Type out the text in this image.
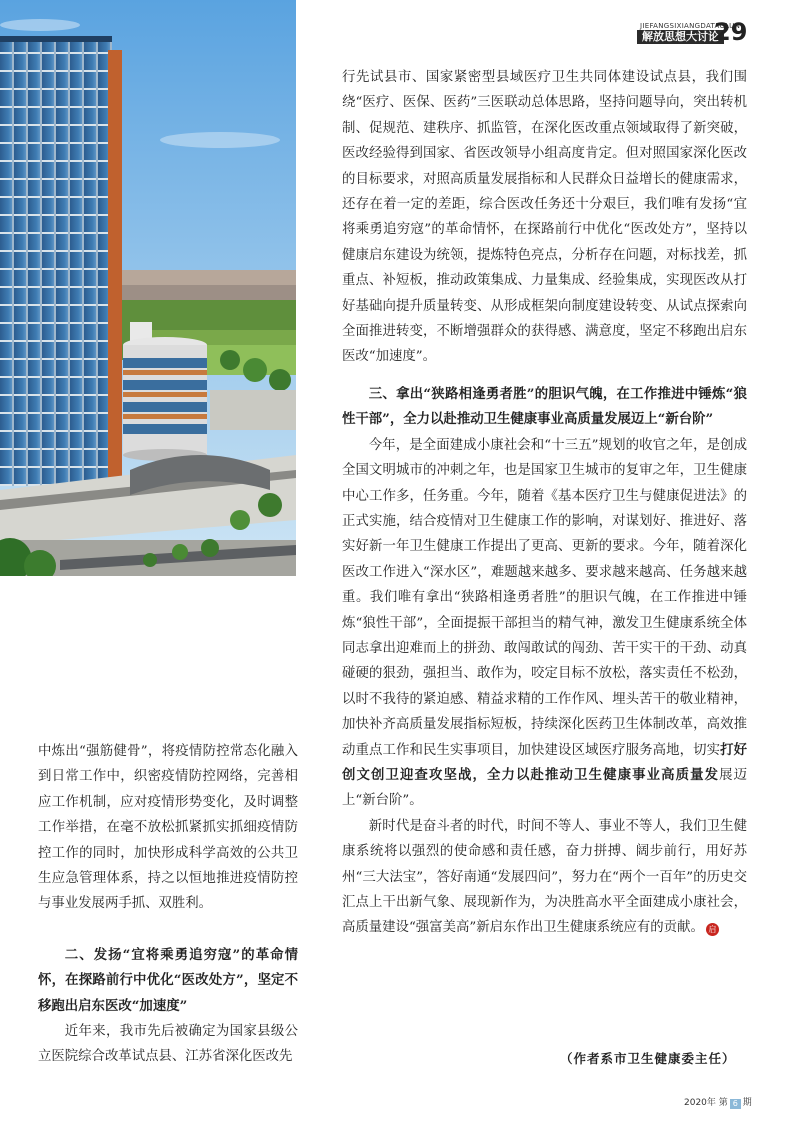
JIEFANGSIXIANGDATAOLUN
解放思想大讨论
29

行先试县市、国家紧密型县域医疗卫生共同体建设试点县，我们围绕“医疗、医保、医药”三医联动总体思路，坚持问题导向，突出转机制、促规范、建秩序、抓监管，在深化医改重点领域取得了新突破，医改经验得到国家、省医改领导小组高度肯定。但对照国家深化医改的目标要求，对照高质量发展指标和人民群众日益增长的健康需求，还存在着一定的差距，综合医改任务还十分艰巨，我们唯有发扬“宜将乘勇追穷寇”的革命情怀，在探路前行中优化“医改处方”，坚持以健康启东建设为统领，提炼特色亮点，分析存在问题，对标找差，抓重点、补短板，推动政策集成、力量集成、经验集成，实现医改从打好基础向提升质量转变、从形成框架向制度建设转变、从试点探索向全面推进转变，不断增强群众的获得感、满意度，坚定不移跑出启东医改“加速度”。

三、拿出“狭路相逢勇者胜”的胆识气魄，在工作推进中锤炼“狼性干部”，全力以赴推动卫生健康事业高质量发展迈上“新台阶”

今年，是全面建成小康社会和“十三五”规划的收官之年，是创成全国文明城市的冲刺之年，也是国家卫生城市的复审之年，卫生健康中心工作多，任务重。今年，随着《基本医疗卫生与健康促进法》的正式实施，结合疫情对卫生健康工作的影响，对谋划好、推进好、落实好新一年卫生健康工作提出了更高、更新的要求。今年，随着深化医改工作进入“深水区”，难题越来越多、要求越来越高、任务越来越重。我们唯有拿出“狭路相逢勇者胜”的胆识气魄，在工作推进中锤炼“狼性干部”，全面提振干部担当的精气神，激发卫生健康系统全体同志拿出迎难而上的拼劲、敢闯敢试的闯劲、苦干实干的干劲、动真碰硬的狠劲，强担当、敢作为，咬定目标不放松，落实责任不松劲，以时不我待的紧迫感、精益求精的工作作风、埋头苦干的敬业精神，加快补齐高质量发展指标短板，持续深化医药卫生体制改革，高效推动重点工作和民生实事项目，加快建设区域医疗服务高地，切实打好创文创卫迎查攻坚战，全力以赴推动卫生健康事业高质量发展迈上“新台阶”。

新时代是奋斗者的时代，时间不等人、事业不等人，我们卫生健康系统将以强烈的使命感和责任感，奋力拼搏、阔步前行，用好苏州“三大法宝”，答好南通“发展四问”，努力在“两个一百年”的历史交汇点上干出新气象、展现新作为，为决胜高水平全面建成小康社会，高质量建设“强富美高”新启东作出卫生健康系统应有的贡献。 启

中炼出“强筋健骨”，将疫情防控常态化融入到日常工作中，织密疫情防控网络，完善相应工作机制，应对疫情形势变化，及时调整工作举措，在毫不放松抓紧抓实抓细疫情防控工作的同时，加快形成科学高效的公共卫生应急管理体系，持之以恒地推进疫情防控与事业发展两手抓、双胜利。

二、发扬“宜将乘勇追穷寇”的革命情怀，在探路前行中优化“医改处方”，坚定不移跑出启东医改“加速度”

近年来，我市先后被确定为国家县级公立医院综合改革试点县、江苏省深化医改先	（作者系市卫生健康委主任）
2020年 第 6 期
